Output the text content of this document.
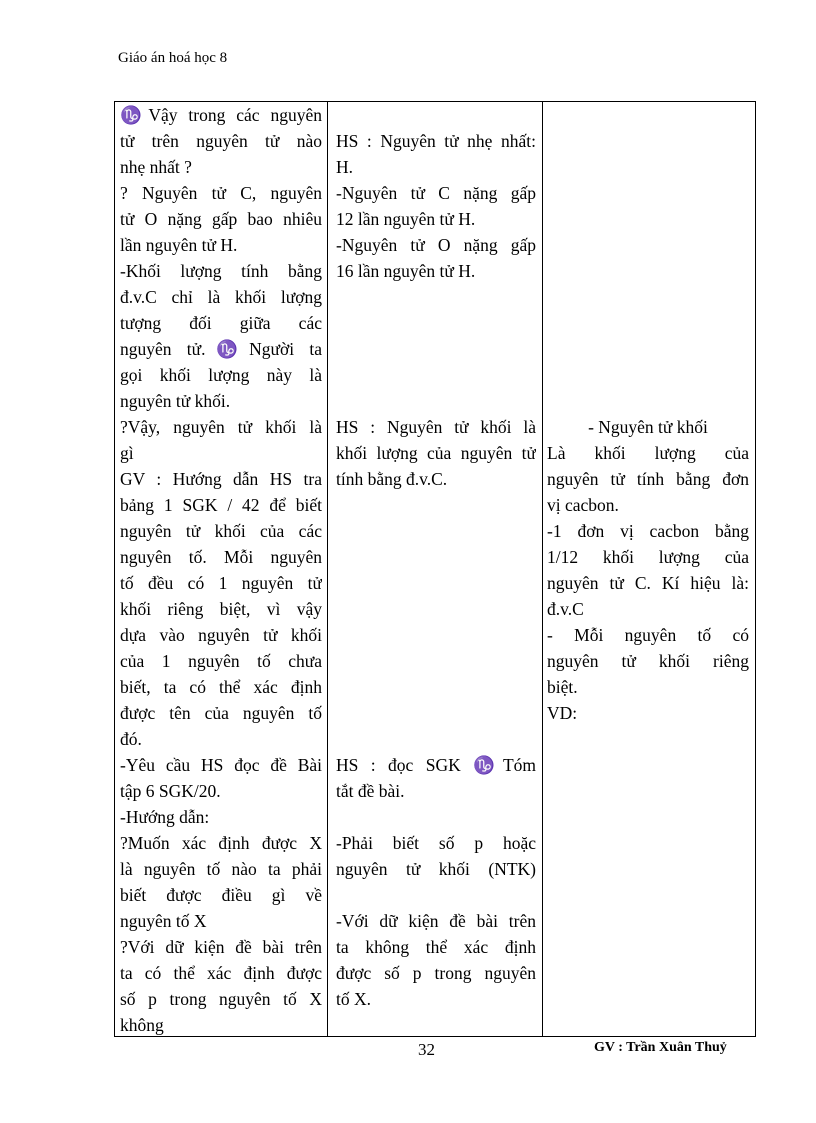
Giáo án hoá học 8
♑Vậy trong các nguyên
tử trên nguyên tử nào
nhẹ nhất ?
? Nguyên tử C, nguyên
tử O nặng gấp bao nhiêu
lần nguyên tử H.
-Khối lượng tính bằng
đ.v.C chỉ là khối lượng
tượng đối giữa các
nguyên tử.♑Người ta
gọi khối lượng này là
nguyên tử khối.
?Vậy, nguyên tử khối là
gì
GV : Hướng dẫn HS tra
bảng 1 SGK / 42 để biết
nguyên tử khối của các
nguyên tố. Mỗi nguyên
tố đều có 1 nguyên tử
khối riêng biệt, vì vậy
dựa vào nguyên tử khối
của 1 nguyên tố chưa
biết, ta có thể xác định
được tên của nguyên tố
đó.
-Yêu cầu HS đọc đề Bài
tập 6 SGK/20.
-Hướng dẫn:
?Muốn xác định được X
là nguyên tố nào ta phải
biết được điều gì về
nguyên tố X
?Với dữ kiện đề bài trên
ta có thể xác định được
số p trong nguyên tố X
không
HS : Nguyên tử nhẹ nhất:
H.
-Nguyên tử C nặng gấp
12 lần nguyên tử H.
-Nguyên tử O nặng gấp
16 lần nguyên tử H.
HS : Nguyên tử khối là
khối lượng của nguyên tử
tính bằng đ.v.C.
HS : đọc SGK ♑Tóm
tắt đề bài.
-Phải biết số p hoặc
nguyên tử khối (NTK)
-Với dữ kiện đề bài trên
ta không thể xác định
được số p trong nguyên
tố X.
- Nguyên tử khối
Là khối lượng của
nguyên tử tính bằng đơn
vị cacbon.
-1 đơn vị cacbon bằng
1/12 khối lượng của
nguyên tử C. Kí hiệu là:
đ.v.C
- Mỗi nguyên tố có
nguyên tử khối riêng
biệt.
VD:
32	GV : Trần Xuân Thuỷ
